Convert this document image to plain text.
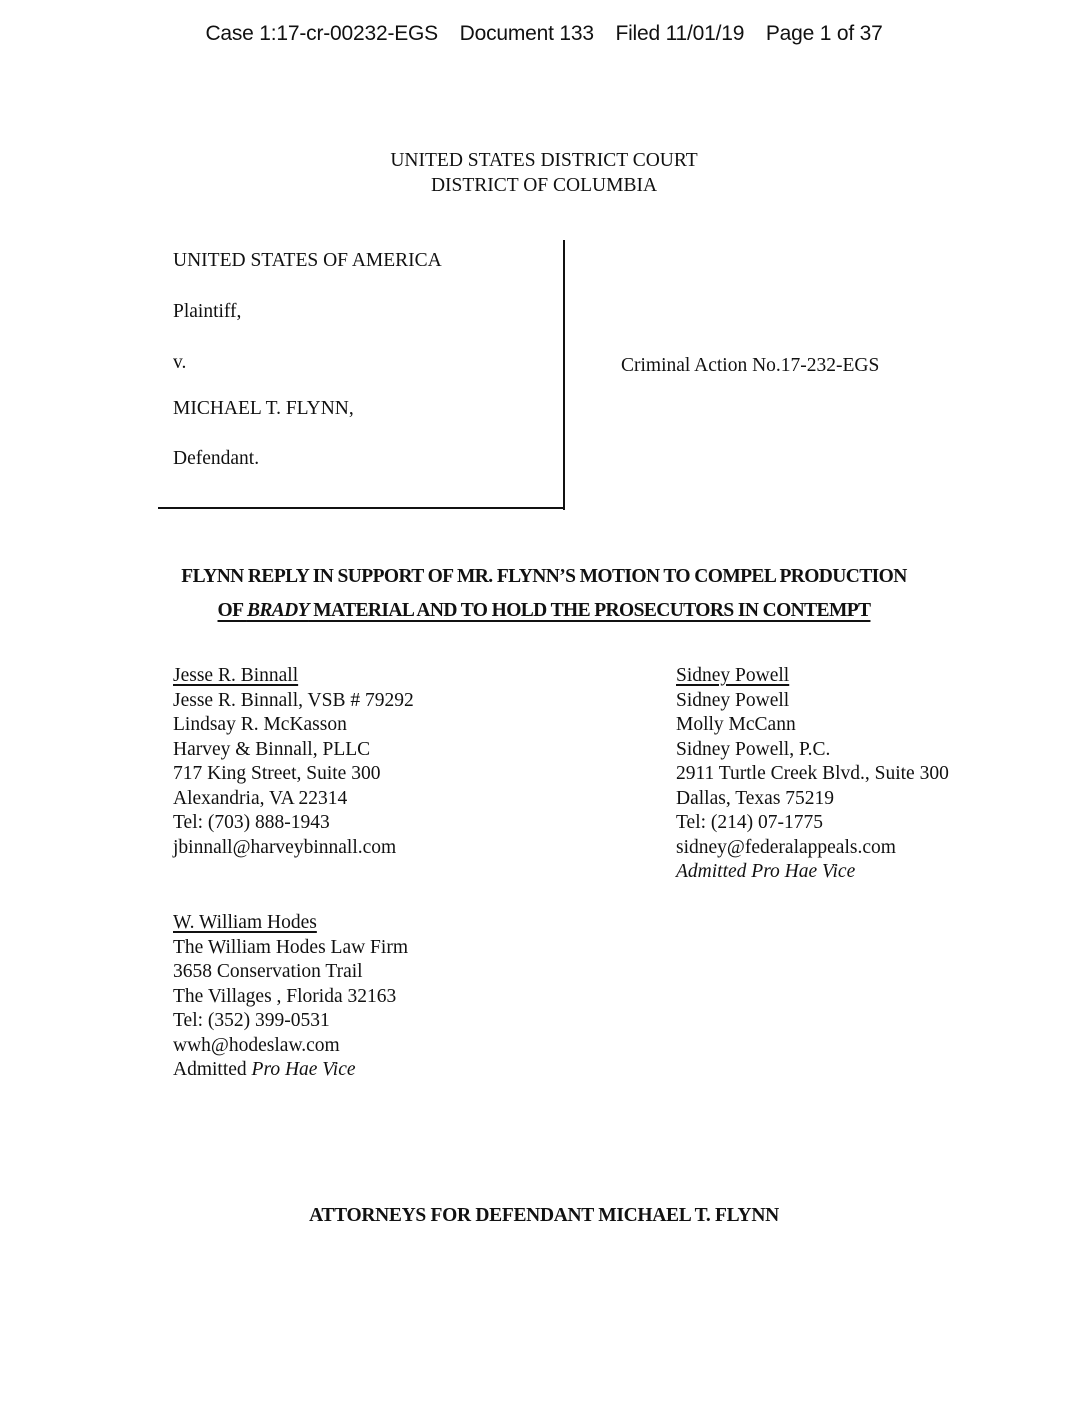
Case 1:17-cr-00232-EGS Document 133 Filed 11/01/19 Page 1 of 37
UNITED STATES DISTRICT COURT
DISTRICT OF COLUMBIA
UNITED STATES OF AMERICA
Plaintiff,
v.
MICHAEL T. FLYNN,
Defendant.
Criminal Action No.17-232-EGS
FLYNN REPLY IN SUPPORT OF MR. FLYNN’S MOTION TO COMPEL PRODUCTION
OF BRADY MATERIAL AND TO HOLD THE PROSECUTORS IN CONTEMPT
Jesse R. Binnall
Jesse R. Binnall, VSB # 79292
Lindsay R. McKasson
Harvey & Binnall, PLLC
717 King Street, Suite 300
Alexandria, VA 22314
Tel: (703) 888-1943
jbinnall@harveybinnall.com
Sidney Powell
Sidney Powell
Molly McCann
Sidney Powell, P.C.
2911 Turtle Creek Blvd., Suite 300
Dallas, Texas 75219
Tel: (214) 07-1775
sidney@federalappeals.com
Admitted Pro Hae Vice
W. William Hodes
The William Hodes Law Firm
3658 Conservation Trail
The Villages , Florida 32163
Tel: (352) 399-0531
wwh@hodeslaw.com
Admitted Pro Hae Vice
ATTORNEYS FOR DEFENDANT MICHAEL T. FLYNN
